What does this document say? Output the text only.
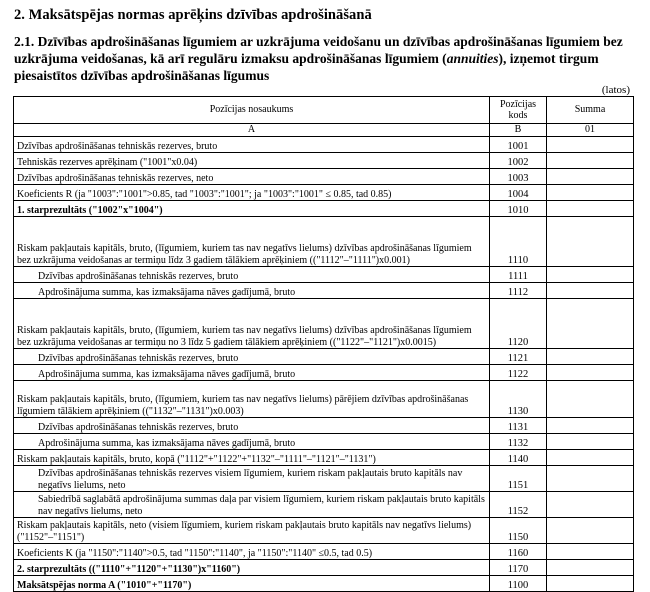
2. Maksātspējas normas aprēķins dzīvības apdrošināšanā
2.1. Dzīvības apdrošināšanas līgumiem ar uzkrājuma veidošanu un dzīvības apdrošināšanas līgumiem bez uzkrājuma veidošanas, kā arī regulāru izmaksu apdrošināšanas līgumiem (annuities), izņemot tirgum piesaistītos dzīvības apdrošināšanas līgumus
(latos)
Pozīcijas nosaukums	Pozīcijas kods	Summa
A	B	01
Dzīvības apdrošināšanas tehniskās rezerves, bruto	1001	
Tehniskās rezerves aprēķinam ("1001"x0.04)	1002	
Dzīvības apdrošināšanas tehniskās rezerves, neto	1003	
Koeficients R (ja "1003":"1001">0.85, tad "1003":"1001"; ja "1003":"1001" ≤ 0.85, tad 0.85)	1004	
1. starprezultāts ("1002"x"1004")	1010	
Riskam pakļautais kapitāls, bruto, (līgumiem, kuriem tas nav negatīvs lielums) dzīvības apdrošināšanas līgumiem bez uzkrājuma veidošanas ar termiņu līdz 3 gadiem tālākiem aprēķiniem (("1112"–"1111")x0.001)	1110	
Dzīvības apdrošināšanas tehniskās rezerves, bruto	1111	
Apdrošinājuma summa, kas izmaksājama nāves gadījumā, bruto	1112	
Riskam pakļautais kapitāls, bruto, (līgumiem, kuriem tas nav negatīvs lielums) dzīvības apdrošināšanas līgumiem bez uzkrājuma veidošanas ar termiņu no 3 līdz 5 gadiem tālākiem aprēķiniem (("1122"–"1121")x0.0015)	1120	
Dzīvības apdrošināšanas tehniskās rezerves, bruto	1121	
Apdrošinājuma summa, kas izmaksājama nāves gadījumā, bruto	1122	
Riskam pakļautais kapitāls, bruto, (līgumiem, kuriem tas nav negatīvs lielums) pārējiem dzīvības apdrošināšanas līgumiem tālākiem aprēķiniem (("1132"–"1131")x0.003)	1130	
Dzīvības apdrošināšanas tehniskās rezerves, bruto	1131	
Apdrošinājuma summa, kas izmaksājama nāves gadījumā, bruto	1132	
Riskam pakļautais kapitāls, bruto, kopā ("1112"+"1122"+"1132"–"1111"–"1121"–"1131")	1140	
Dzīvības apdrošināšanas tehniskās rezerves visiem līgumiem, kuriem riskam pakļautais bruto kapitāls nav negatīvs lielums, neto	1151	
Sabiedrībā saglabātā apdrošinājuma summas daļa par visiem līgumiem, kuriem riskam pakļautais bruto kapitāls nav negatīvs lielums, neto	1152	
Riskam pakļautais kapitāls, neto (visiem līgumiem, kuriem riskam pakļautais bruto kapitāls nav negatīvs lielums) ("1152"–"1151")	1150	
Koeficients K (ja "1150":"1140">0.5, tad "1150":"1140", ja "1150":"1140" ≤0.5, tad 0.5)	1160	
2. starprezultāts (("1110"+"1120"+"1130")x"1160")	1170	
Maksātspējas norma A ("1010"+"1170")	1100	
